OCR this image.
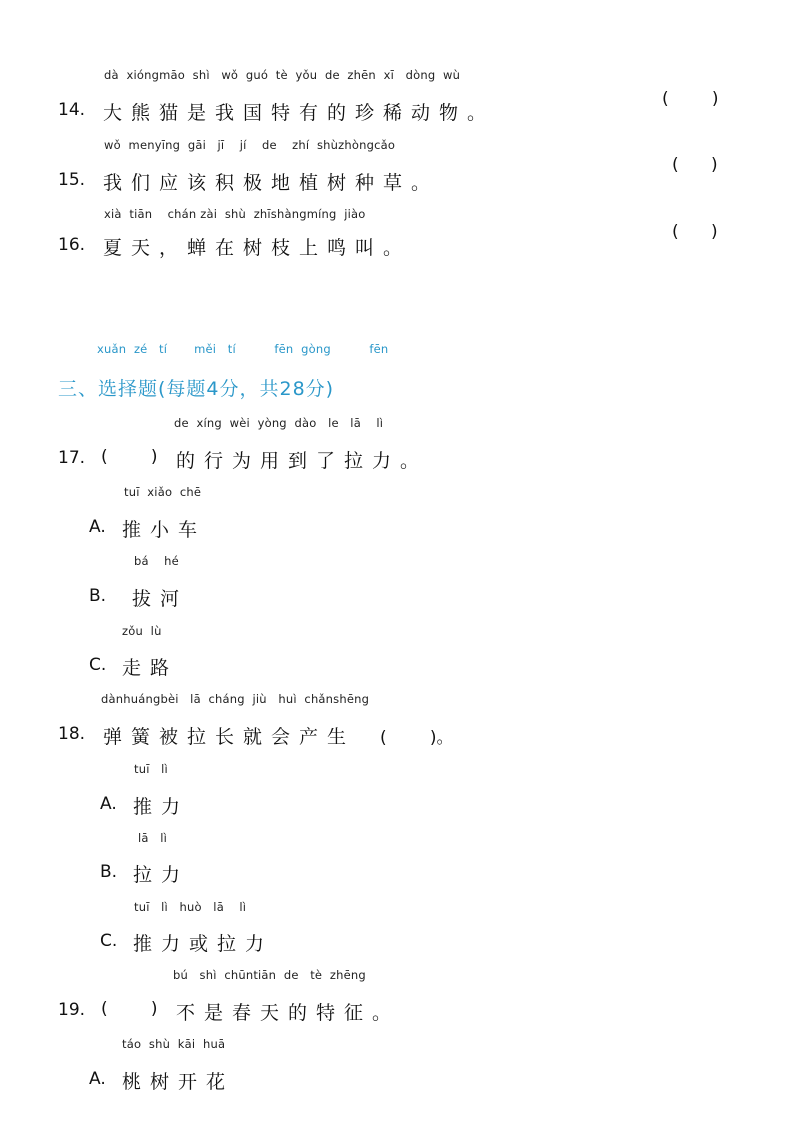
dà  xióngmāo  shì   wǒ  guó  tè  yǒu  de  zhēn  xī   dòng  wù
14. 大熊猫是我国特有的珍稀动物。
(        )
wǒ  menyīng  gāi   jī    jí    de    zhí  shùzhòngcǎo
15. 我们应该积极地植树种草。
(      )
xià  tiān    chán zài  shù  zhīshàngmíng  jiào
16. 夏天，蝉在树枝上鸣叫。
(      )
xuǎn  zé   tí       měi   tí          fēn  gòng          fēn
三、选择题(每题4分，共28分)
de  xíng  wèi  yòng  dào   le   lā    lì
17. (        ) 的行为用到了拉力。
tuī  xiǎo  chē
A. 推小车
bá    hé
B. 拔河
zǒu  lù
C. 走路
dànhuángbèi   lā  cháng  jiù   huì  chǎnshēng
18. 弹簧被拉长就会产生 (        )。
tuī   lì
A. 推力
lā   lì
B. 拉力
tuī   lì   huò   lā    lì
C. 推力或拉力
bú   shì  chūntiān  de   tè  zhēng
19. (        ) 不是春天的特征。
táo  shù  kāi  huā
A. 桃树开花
